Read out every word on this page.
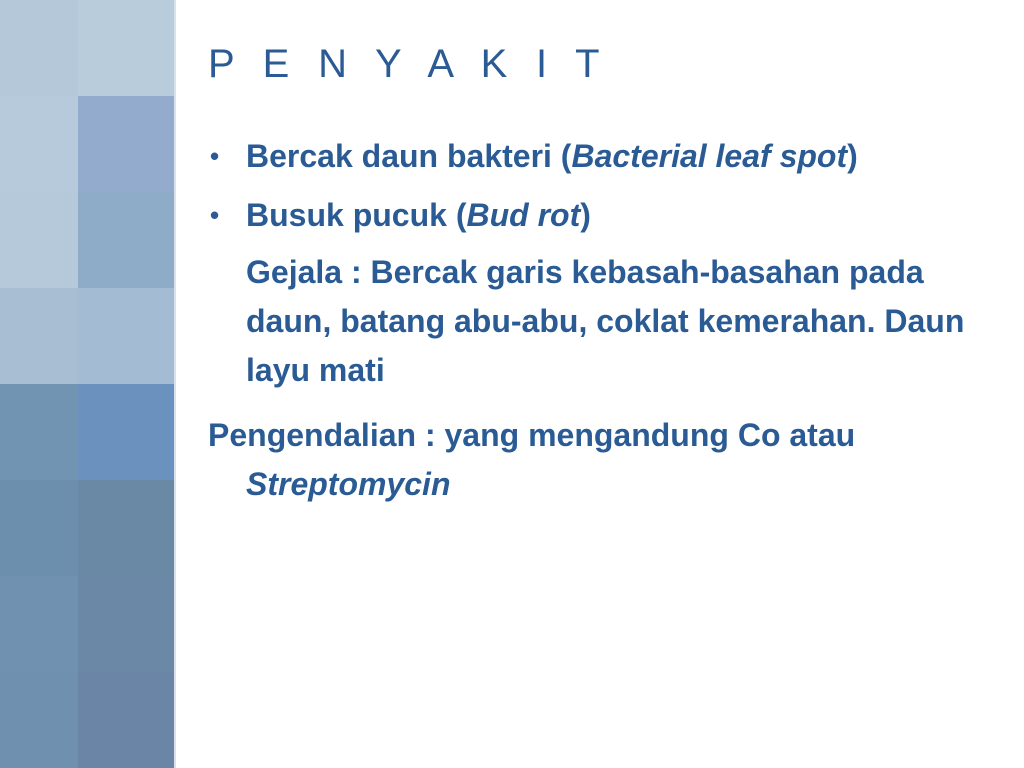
P E N Y A K I T

• Bercak daun bakteri (Bacterial leaf spot)

• Busuk pucuk (Bud rot)

Gejala : Bercak garis kebasah-basahan pada daun, batang abu-abu, coklat kemerahan. Daun layu mati

Pengendalian : yang mengandung Co atau Streptomycin
